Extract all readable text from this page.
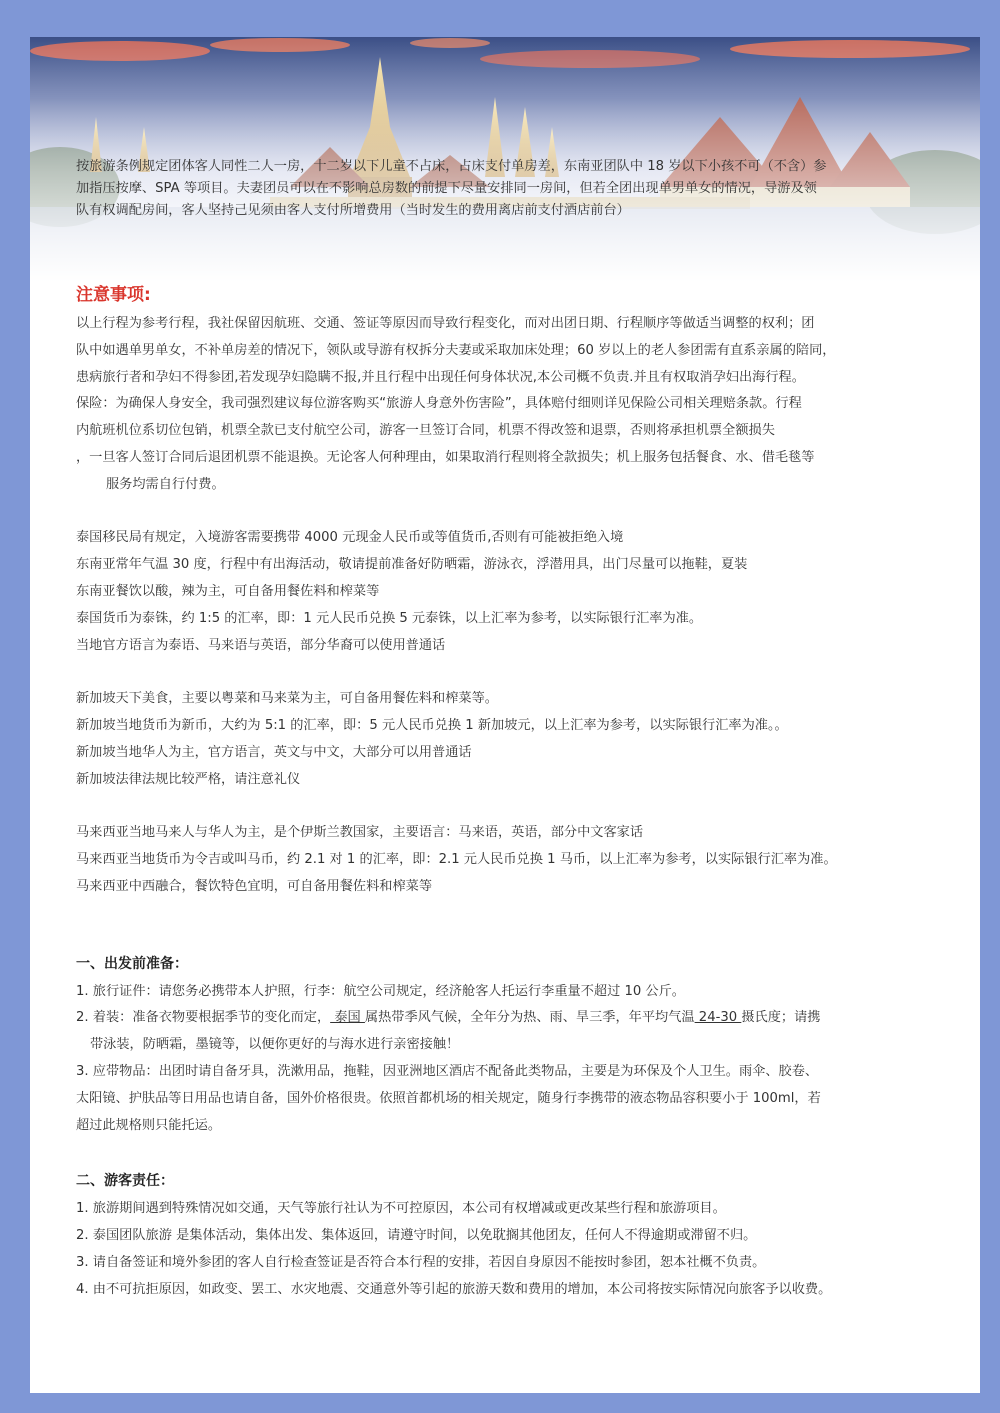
按旅游条例规定团体客人同性二人一房，十二岁以下儿童不占床，占床支付单房差，东南亚团队中 18 岁以下小孩不可（不含）参

加指压按摩、SPA 等项目。夫妻团员可以在不影响总房数的前提下尽量安排同一房间，但若全团出现单男单女的情况，导游及领

队有权调配房间，客人坚持己见须由客人支付所增费用（当时发生的费用离店前支付酒店前台）

注意事项:

以上行程为参考行程，我社保留因航班、交通、签证等原因而导致行程变化，而对出团日期、行程顺序等做适当调整的权利；团

队中如遇单男单女，不补单房差的情况下，领队或导游有权拆分夫妻或采取加床处理；60 岁以上的老人参团需有直系亲属的陪同，

患病旅行者和孕妇不得参团,若发现孕妇隐瞒不报,并且行程中出现任何身体状况,本公司概不负责.并且有权取消孕妇出海行程。

保险：为确保人身安全，我司强烈建议每位游客购买“旅游人身意外伤害险”，具体赔付细则详见保险公司相关理赔条款。行程

内航班机位系切位包销，机票全款已支付航空公司，游客一旦签订合同，机票不得改签和退票，否则将承担机票全额损失

，一旦客人签订合同后退团机票不能退换。无论客人何种理由，如果取消行程则将全款损失；机上服务包括餐食、水、借毛毯等

服务均需自行付费。

泰国移民局有规定，入境游客需要携带 4000 元现金人民币或等值货币,否则有可能被拒绝入境

东南亚常年气温 30 度，行程中有出海活动，敬请提前准备好防晒霜，游泳衣，浮潜用具，出门尽量可以拖鞋，夏装

东南亚餐饮以酸，辣为主，可自备用餐佐料和榨菜等

泰国货币为泰铢，约 1:5 的汇率，即：1 元人民币兑换 5 元泰铢，以上汇率为参考，以实际银行汇率为准。

当地官方语言为泰语、马来语与英语，部分华裔可以使用普通话

新加坡天下美食，主要以粤菜和马来菜为主，可自备用餐佐料和榨菜等。

新加坡当地货币为新币，大约为 5:1 的汇率，即：5 元人民币兑换 1 新加坡元，以上汇率为参考，以实际银行汇率为准。。

新加坡当地华人为主，官方语言，英文与中文，大部分可以用普通话

新加坡法律法规比较严格，请注意礼仪

马来西亚当地马来人与华人为主，是个伊斯兰教国家，主要语言：马来语，英语，部分中文客家话

马来西亚当地货币为令吉或叫马币，约 2.1 对 1 的汇率，即：2.1 元人民币兑换 1 马币，以上汇率为参考，以实际银行汇率为准。

马来西亚中西融合，餐饮特色宜明，可自备用餐佐料和榨菜等

一、出发前准备：

1. 旅行证件：请您务必携带本人护照，行李：航空公司规定，经济舱客人托运行李重量不超过 10 公斤。

2. 着装：准备衣物要根据季节的变化而定， 泰国 属热带季风气候，全年分为热、雨、旱三季，年平均气温 24-30 摄氏度；请携

带泳装，防晒霜，墨镜等，以便你更好的与海水进行亲密接触！

3. 应带物品：出团时请自备牙具，洗漱用品，拖鞋，因亚洲地区酒店不配备此类物品，主要是为环保及个人卫生。雨伞、胶卷、

太阳镜、护肤品等日用品也请自备，国外价格很贵。依照首都机场的相关规定，随身行李携带的液态物品容积要小于 100ml，若

超过此规格则只能托运。

二、游客责任：

1. 旅游期间遇到特殊情况如交通，天气等旅行社认为不可控原因，本公司有权增减或更改某些行程和旅游项目。

2. 泰国团队旅游 是集体活动，集体出发、集体返回，请遵守时间，以免耽搁其他团友，任何人不得逾期或滞留不归。

3. 请自备签证和境外参团的客人自行检查签证是否符合本行程的安排，若因自身原因不能按时参团，恕本社概不负责。

4. 由不可抗拒原因，如政变、罢工、水灾地震、交通意外等引起的旅游天数和费用的增加，本公司将按实际情况向旅客予以收费。
